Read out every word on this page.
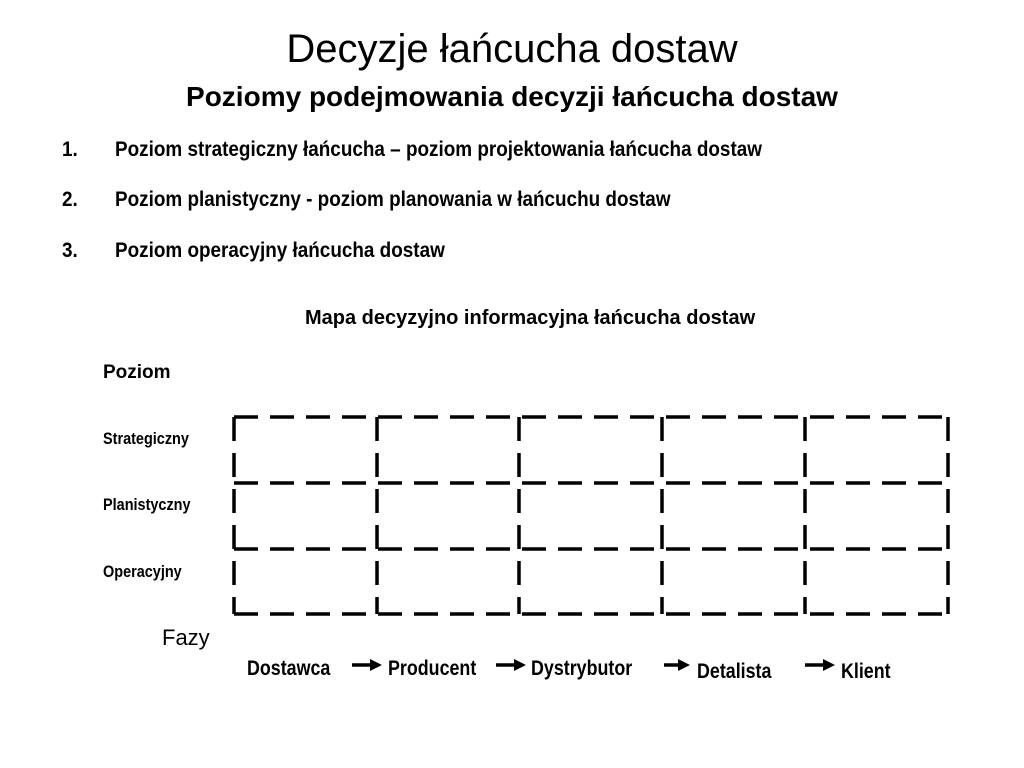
Decyzje łańcucha dostaw
Poziomy podejmowania decyzji łańcucha dostaw
1. Poziom strategiczny łańcucha – poziom projektowania łańcucha dostaw
2. Poziom planistyczny - poziom planowania w łańcuchu dostaw
3. Poziom operacyjny łańcucha dostaw
Mapa decyzyjno informacyjna łańcucha dostaw
Poziom
Strategiczny
Planistyczny
Operacyjny
Fazy
Dostawca	Producent	Dystrybutor	Detalista	Klient
